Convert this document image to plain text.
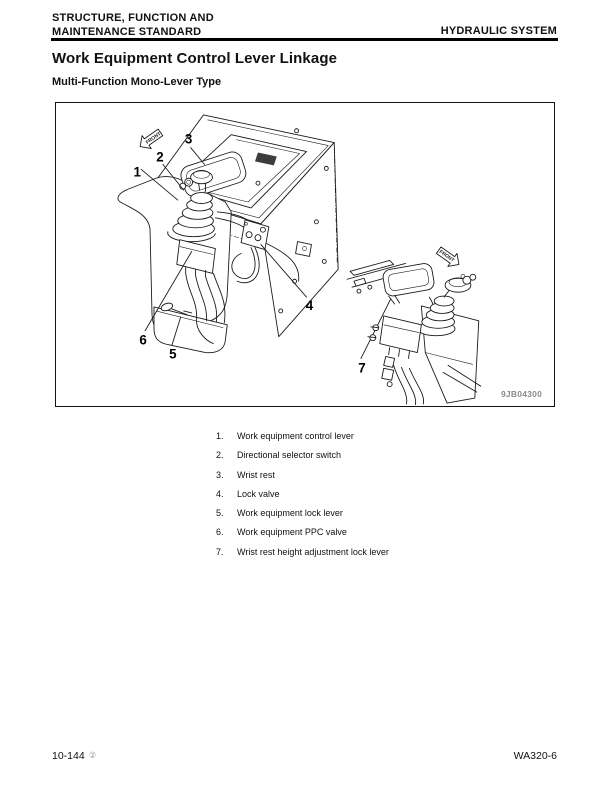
STRUCTURE, FUNCTION AND
MAINTENANCE STANDARD	HYDRAULIC SYSTEM
Work Equipment Control Lever Linkage
Multi-Function Mono-Lever Type
FRONT
1
2
3
4
5
6
7
FRONT
9JB04300
1.	Work equipment control lever
2.	Directional selector switch
3.	Wrist rest
4.	Lock valve
5.	Work equipment lock lever
6.	Work equipment PPC valve
7.	Wrist rest height adjustment lock lever
10-144 ②	WA320-6
